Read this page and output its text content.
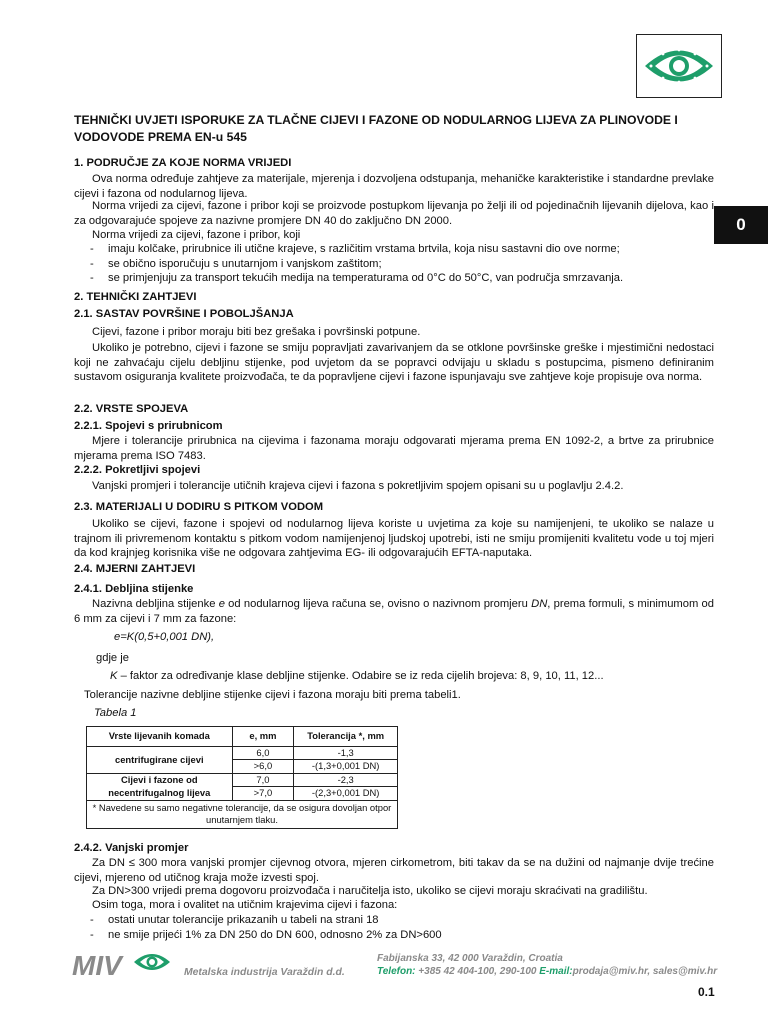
0
TEHNIČKI UVJETI ISPORUKE ZA TLAČNE CIJEVI I FAZONE OD NODULARNOG LIJEVA ZA PLINOVODE I VODOVODE PREMA EN-u 545
1. PODRUČJE ZA KOJE NORMA VRIJEDI
Ova norma određuje zahtjeve za materijale, mjerenja i dozvoljena odstupanja, mehaničke karakteristike i standardne prevlake cijevi i fazona od nodularnog lijeva.
Norma vrijedi za cijevi, fazone i pribor koji se proizvode postupkom lijevanja po želji ili od pojedinačnih lijevanih dijelova, kao i za odgovarajuće spojeve za nazivne promjere DN 40 do zaključno DN 2000.
Norma vrijedi za cijevi, fazone i pribor, koji
-	imaju kolčake, prirubnice ili utične krajeve, s različitim vrstama brtvila, koja nisu sastavni dio ove norme;
-	se obično isporučuju s unutarnjom i vanjskom zaštitom;
-	se primjenjuju za transport tekućih medija na temperaturama od 0°C do 50°C, van područja smrzavanja.
2. TEHNIČKI ZAHTJEVI
2.1. SASTAV POVRŠINE I POBOLJŠANJA
Cijevi, fazone i pribor moraju biti bez grešaka i površinski potpune.
Ukoliko je potrebno, cijevi i fazone se smiju popravljati zavarivanjem da se otklone površinske greške i mjestimični nedostaci koji ne zahvaćaju cijelu debljinu stijenke, pod uvjetom da se popravci odvijaju u skladu s postupcima, pismeno definiranim sustavom osiguranja kvalitete proizvođača, te da popravljene cijevi i fazone ispunjavaju sve zahtjeve koje propisuje ova norma.
2.2. VRSTE SPOJEVA
2.2.1. Spojevi s prirubnicom
Mjere i tolerancije prirubnica na cijevima i fazonama moraju odgovarati mjerama prema EN 1092-2, a brtve za prirubnice mjerama prema ISO 7483.
2.2.2. Pokretljivi spojevi
Vanjski promjeri i tolerancije utičnih krajeva cijevi i fazona s pokretljivim spojem opisani su u poglavlju 2.4.2.
2.3. MATERIJALI U DODIRU S PITKOM VODOM
Ukoliko se cijevi, fazone i spojevi od nodularnog lijeva koriste u uvjetima za koje su namijenjeni, te ukoliko se nalaze u trajnom ili privremenom kontaktu s pitkom vodom namijenjenoj ljudskoj upotrebi, isti ne smiju promijeniti kvalitetu vode u toj mjeri da kod krajnjeg korisnika više ne odgovara zahtjevima EG- ili odgovarajućih EFTA-naputaka.
2.4. MJERNI ZAHTJEVI
2.4.1. Debljina stijenke
Nazivna debljina stijenke e od nodularnog lijeva računa se, ovisno o nazivnom promjeru DN, prema formuli, s minimumom od 6 mm za cijevi i 7 mm za fazone:
e=K(0,5+0,001 DN),
gdje je
K – faktor za određivanje klase debljine stijenke. Odabire se iz reda cijelih brojeva: 8, 9, 10, 11, 12...
Tolerancije nazivne debljine stijenke cijevi i fazona moraju biti prema tabeli1.
Tabela 1
Vrste lijevanih komada	e, mm	Tolerancija *, mm
centrifugirane cijevi	6,0	-1,3
	>6,0	-(1,3+0,001 DN)
Cijevi i fazone od necentrifugalnog lijeva	7,0	-2,3
	>7,0	-(2,3+0,001 DN)
* Navedene su samo negativne tolerancije, da se osigura dovoljan otpor unutarnjem tlaku.		
2.4.2. Vanjski promjer
Za DN ≤ 300 mora vanjski promjer cijevnog otvora, mjeren cirkometrom, biti takav da se na dužini od najmanje dvije trećine cijevi, mjereno od utičnog kraja može izvesti spoj.
Za DN>300 vrijedi prema dogovoru proizvođača i naručitelja isto, ukoliko se cijevi moraju skraćivati na gradilištu.
Osim toga, mora i ovalitet na utičnim krajevima cijevi i fazona:
-	ostati unutar tolerancije prikazanih u tabeli na strani 18
-	ne smije prijeći 1% za DN 250 do DN 600, odnosno 2% za DN>600
MIV	Metalska industrija Varaždin d.d.
Fabijanska 33, 42 000 Varaždin, Croatia
Telefon: +385 42 404-100, 290-100 E-mail:prodaja@miv.hr, sales@miv.hr
0.1
